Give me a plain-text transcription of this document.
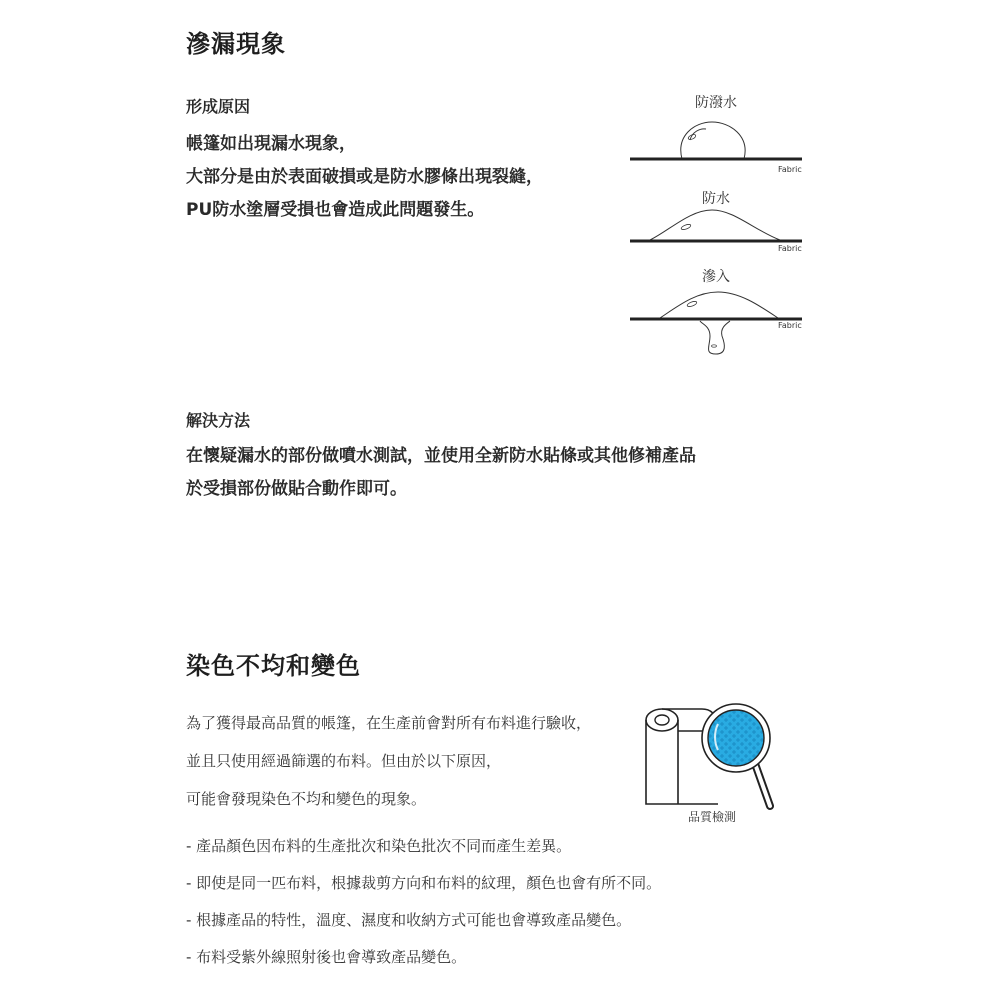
滲漏現象
形成原因
帳篷如出現漏水現象，
大部分是由於表面破損或是防水膠條出現裂縫，
PU防水塗層受損也會造成此問題發生。
防潑水
防水
滲入
Fabric
Fabric
Fabric
解決方法
在懷疑漏水的部份做噴水測試，並使用全新防水貼條或其他修補產品
於受損部份做貼合動作即可。
染色不均和變色
為了獲得最高品質的帳篷，在生產前會對所有布料進行驗收，
並且只使用經過篩選的布料。但由於以下原因，
可能會發現染色不均和變色的現象。
品質檢測
- 產品顏色因布料的生產批次和染色批次不同而產生差異。
- 即使是同一匹布料，根據裁剪方向和布料的紋理，顏色也會有所不同。
- 根據產品的特性，溫度、濕度和收納方式可能也會導致產品變色。
- 布料受紫外線照射後也會導致產品變色。
